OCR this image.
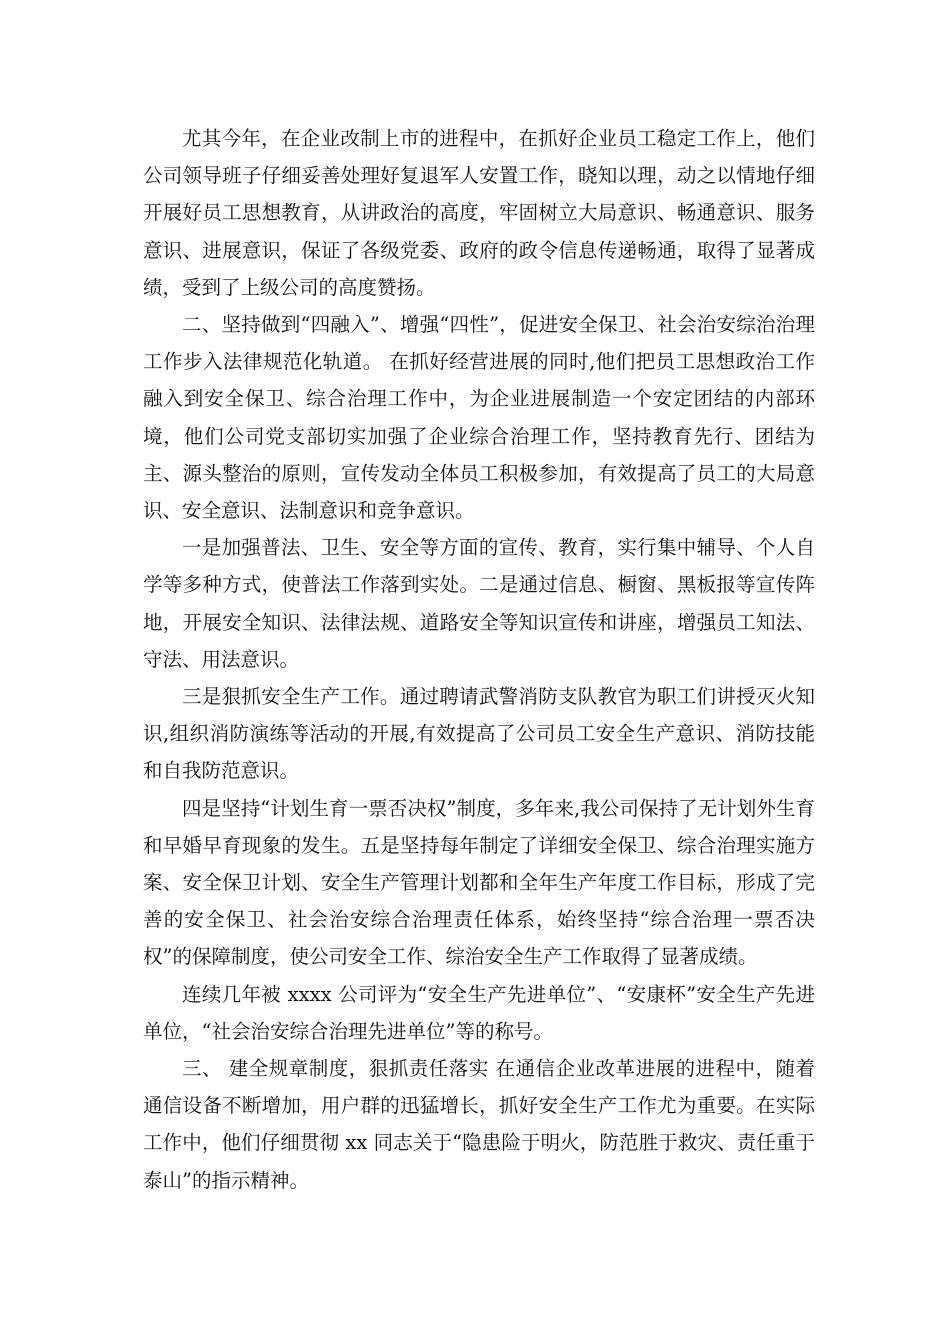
尤其今年，在企业改制上市的进程中，在抓好企业员工稳定工作上，他们公司领导班子仔细妥善处理好复退军人安置工作，晓知以理，动之以情地仔细开展好员工思想教育，从讲政治的高度，牢固树立大局意识、畅通意识、服务意识、进展意识，保证了各级党委、政府的政令信息传递畅通，取得了显著成绩，受到了上级公司的高度赞扬。

二、坚持做到“四融入”、增强“四性”，促进安全保卫、社会治安综治治理工作步入法律规范化轨道。 在抓好经营进展的同时,他们把员工思想政治工作融入到安全保卫、综合治理工作中，为企业进展制造一个安定团结的内部环境，他们公司党支部切实加强了企业综合治理工作，坚持教育先行、团结为主、源头整治的原则，宣传发动全体员工积极参加，有效提高了员工的大局意识、安全意识、法制意识和竞争意识。

一是加强普法、卫生、安全等方面的宣传、教育，实行集中辅导、个人自学等多种方式，使普法工作落到实处。二是通过信息、橱窗、黑板报等宣传阵地，开展安全知识、法律法规、道路安全等知识宣传和讲座，增强员工知法、守法、用法意识。

三是狠抓安全生产工作。通过聘请武警消防支队教官为职工们讲授灭火知识,组织消防演练等活动的开展,有效提高了公司员工安全生产意识、消防技能和自我防范意识。

四是坚持“计划生育一票否决权”制度，多年来,我公司保持了无计划外生育和早婚早育现象的发生。五是坚持每年制定了详细安全保卫、综合治理实施方案、安全保卫计划、安全生产管理计划都和全年生产年度工作目标，形成了完善的安全保卫、社会治安综合治理责任体系，始终坚持“综合治理一票否决权”的保障制度，使公司安全工作、综治安全生产工作取得了显著成绩。

连续几年被 xxxx 公司评为“安全生产先进单位”、“安康杯”安全生产先进单位，“社会治安综合治理先进单位”等的称号。

三、 建全规章制度，狠抓责任落实 在通信企业改革进展的进程中，随着通信设备不断增加，用户群的迅猛增长，抓好安全生产工作尤为重要。在实际工作中，他们仔细贯彻 xx 同志关于“隐患险于明火，防范胜于救灾、责任重于泰山”的指示精神。
